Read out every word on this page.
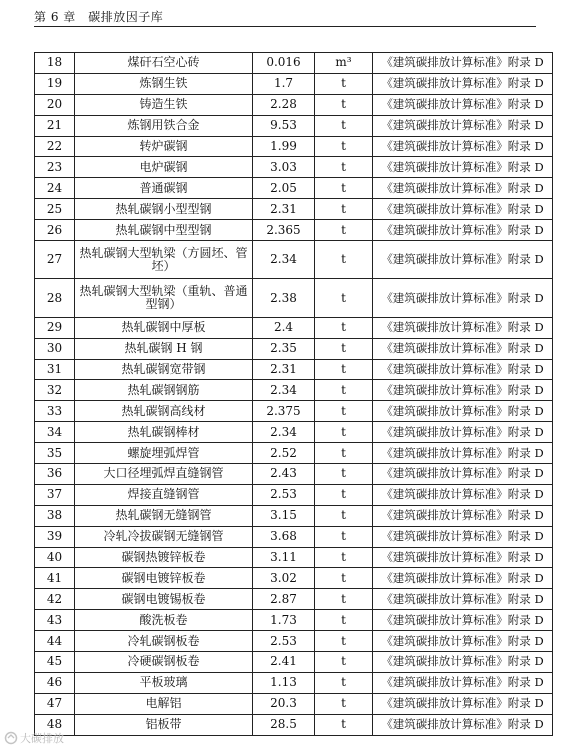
第 6 章　碳排放因子库
18	煤矸石空心砖	0.016	m³	《建筑碳排放计算标准》附录 D
19	炼钢生铁	1.7	t	《建筑碳排放计算标准》附录 D
20	铸造生铁	2.28	t	《建筑碳排放计算标准》附录 D
21	炼钢用铁合金	9.53	t	《建筑碳排放计算标准》附录 D
22	转炉碳钢	1.99	t	《建筑碳排放计算标准》附录 D
23	电炉碳钢	3.03	t	《建筑碳排放计算标准》附录 D
24	普通碳钢	2.05	t	《建筑碳排放计算标准》附录 D
25	热轧碳钢小型型钢	2.31	t	《建筑碳排放计算标准》附录 D
26	热轧碳钢中型型钢	2.365	t	《建筑碳排放计算标准》附录 D
27	热轧碳钢大型轨梁（方圆坯、管坯）	2.34	t	《建筑碳排放计算标准》附录 D
28	热轧碳钢大型轨梁（重轨、普通型钢）	2.38	t	《建筑碳排放计算标准》附录 D
29	热轧碳钢中厚板	2.4	t	《建筑碳排放计算标准》附录 D
30	热轧碳钢 H 钢	2.35	t	《建筑碳排放计算标准》附录 D
31	热轧碳钢宽带钢	2.31	t	《建筑碳排放计算标准》附录 D
32	热轧碳钢钢筋	2.34	t	《建筑碳排放计算标准》附录 D
33	热轧碳钢高线材	2.375	t	《建筑碳排放计算标准》附录 D
34	热轧碳钢棒材	2.34	t	《建筑碳排放计算标准》附录 D
35	螺旋埋弧焊管	2.52	t	《建筑碳排放计算标准》附录 D
36	大口径埋弧焊直缝钢管	2.43	t	《建筑碳排放计算标准》附录 D
37	焊接直缝钢管	2.53	t	《建筑碳排放计算标准》附录 D
38	热轧碳钢无缝钢管	3.15	t	《建筑碳排放计算标准》附录 D
39	冷轧冷拔碳钢无缝钢管	3.68	t	《建筑碳排放计算标准》附录 D
40	碳钢热镀锌板卷	3.11	t	《建筑碳排放计算标准》附录 D
41	碳钢电镀锌板卷	3.02	t	《建筑碳排放计算标准》附录 D
42	碳钢电镀锡板卷	2.87	t	《建筑碳排放计算标准》附录 D
43	酸洗板卷	1.73	t	《建筑碳排放计算标准》附录 D
44	冷轧碳钢板卷	2.53	t	《建筑碳排放计算标准》附录 D
45	冷硬碳钢板卷	2.41	t	《建筑碳排放计算标准》附录 D
46	平板玻璃	1.13	t	《建筑碳排放计算标准》附录 D
47	电解铝	20.3	t	《建筑碳排放计算标准》附录 D
48	铝板带	28.5	t	《建筑碳排放计算标准》附录 D
大碳排放
